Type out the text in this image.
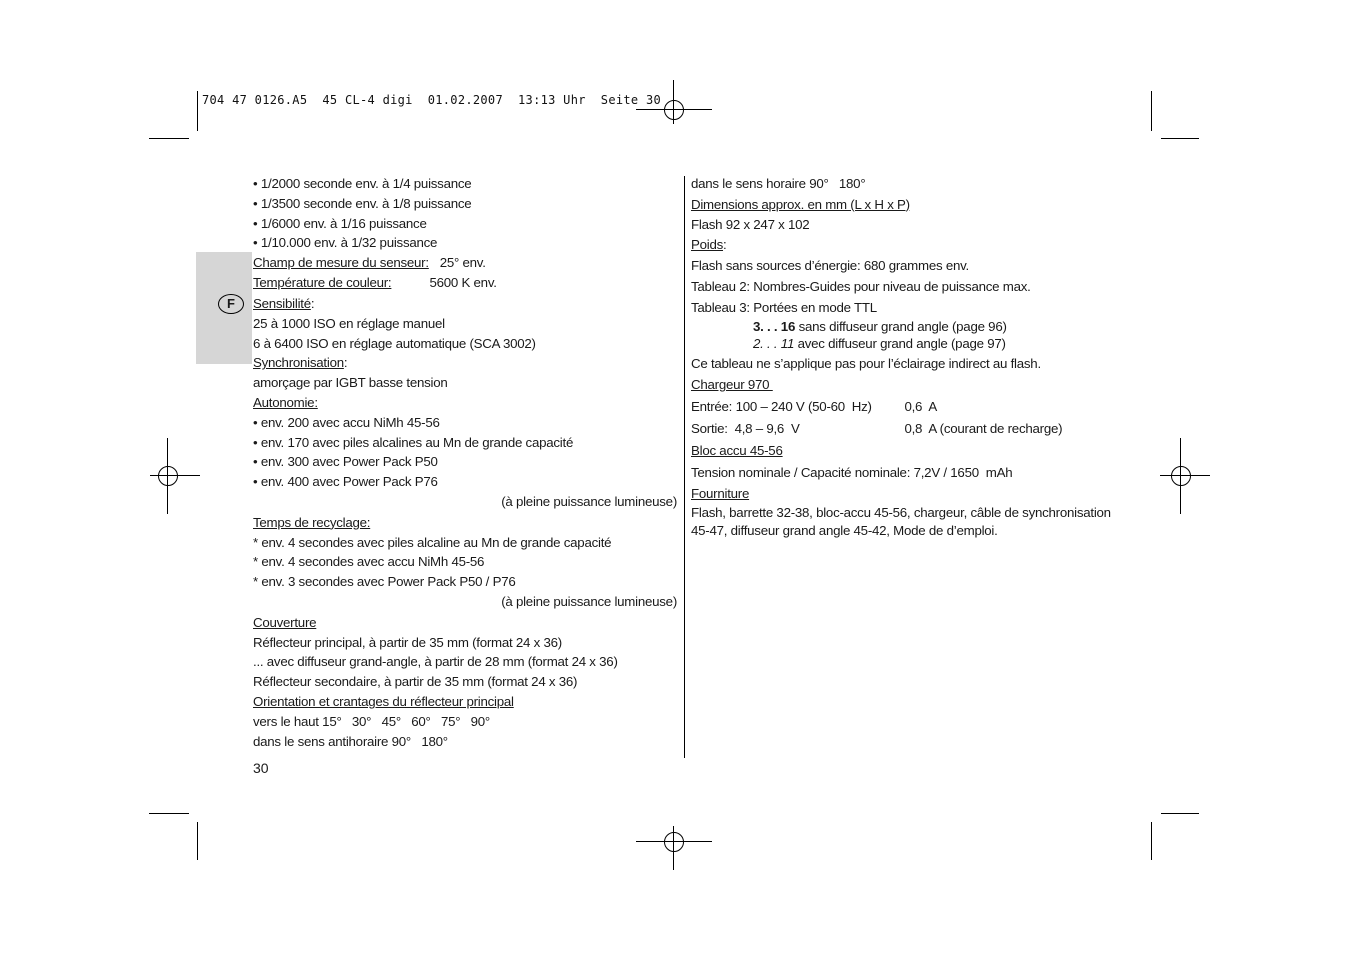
704 47 0126.A5  45 CL-4 digi  01.02.2007  13:13 Uhr  Seite 30
F
• 1/2000 seconde env. à 1/4 puissance
• 1/3500 seconde env. à 1/8 puissance
• 1/6000 env. à 1/16 puissance
• 1/10.000 env. à 1/32 puissance
Champ de mesure du senseur: 25° env.
Température de couleur:	5600 K env.
Sensibilité:
25 à 1000 ISO en réglage manuel
6 à 6400 ISO en réglage automatique (SCA 3002)
Synchronisation:
amorçage par IGBT basse tension
Autonomie:
• env. 200 avec accu NiMh 45-56
• env. 170 avec piles alcalines au Mn de grande capacité
• env. 300 avec Power Pack P50
• env. 400 avec Power Pack P76
(à pleine puissance lumineuse)
Temps de recyclage:
* env. 4 secondes avec piles alcaline au Mn de grande capacité
* env. 4 secondes avec accu NiMh 45-56
* env. 3 secondes avec Power Pack P50 / P76
(à pleine puissance lumineuse)
Couverture
Réflecteur principal, à partir de 35 mm (format 24 x 36)
... avec diffuseur grand-angle, à partir de 28 mm (format 24 x 36)
Réflecteur secondaire, à partir de 35 mm (format 24 x 36)
Orientation et crantages du réflecteur principal
vers le haut 15°   30°   45°   60°   75°   90°
dans le sens antihoraire 90°   180°
dans le sens horaire 90°   180°
Dimensions approx. en mm (L x H x P)
Flash 92 x 247 x 102
Poids:
Flash sans sources d’énergie: 680 grammes env.
Tableau 2: Nombres-Guides pour niveau de puissance max.
Tableau 3: Portées en mode TTL
3. . . 16 sans diffuseur grand angle (page 96)
2. . . 11 avec diffuseur grand angle (page 97)
Ce tableau ne s’applique pas pour l’éclairage indirect au flash.
Chargeur 970
Entrée: 100 – 240 V (50-60  Hz) 0,6  A
Sortie:  4,8 – 9,6  V	0,8  A (courant de recharge)
Bloc accu 45-56
Tension nominale / Capacité nominale: 7,2V / 1650  mAh
Fourniture
Flash, barrette 32-38, bloc-accu 45-56, chargeur, câble de synchronisation
45-47, diffuseur grand angle 45-42, Mode de d’emploi.
30
